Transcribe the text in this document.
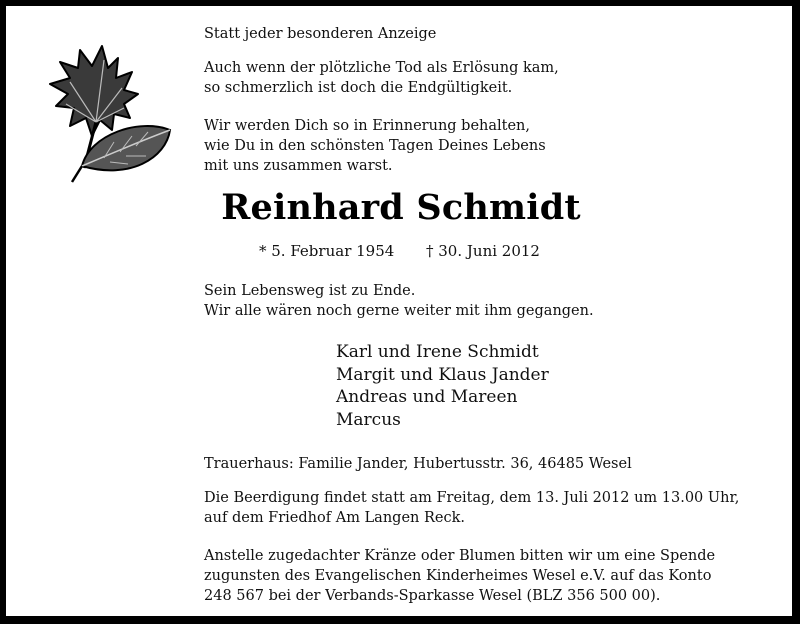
Statt jeder besonderen Anzeige

Auch wenn der plötzliche Tod als Erlösung kam,

so schmerzlich ist doch die Endgültigkeit.

Wir werden Dich so in Erinnerung behalten,

wie Du in den schönsten Tagen Deines Lebens

mit uns zusammen warst.

Reinhard Schmidt
* 5. Februar 1954 † 30. Juni 2012

Sein Lebensweg ist zu Ende.

Wir alle wären noch gerne weiter mit ihm gegangen.

Karl und Irene Schmidt
Margit und Klaus Jander
Andreas und Mareen
Marcus

Trauerhaus: Familie Jander, Hubertusstr. 36, 46485 Wesel

Die Beerdigung findet statt am Freitag, dem 13. Juli 2012 um 13.00 Uhr,

auf dem Friedhof Am Langen Reck.

Anstelle zugedachter Kränze oder Blumen bitten wir um eine Spende

zugunsten des Evangelischen Kinderheimes Wesel e.V. auf das Konto

248 567 bei der Verbands-Sparkasse Wesel (BLZ 356 500 00).
